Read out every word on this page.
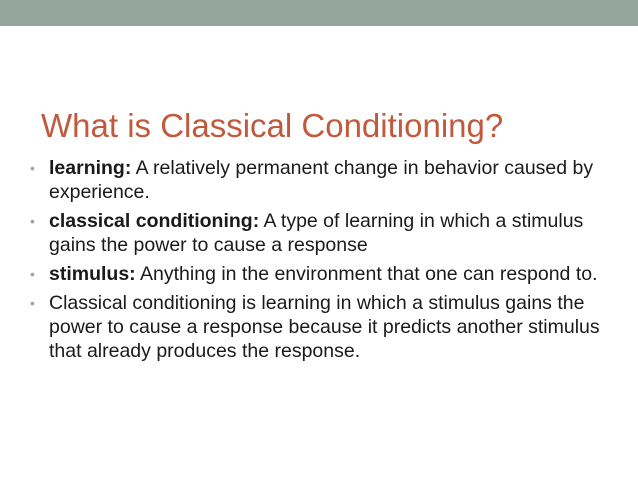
What is Classical Conditioning?
• learning: A relatively permanent change in behavior caused by experience.
• classical conditioning: A type of learning in which a stimulus gains the power to cause a response
• stimulus: Anything in the environment that one can respond to.
• Classical conditioning is learning in which a stimulus gains the power to cause a response because it predicts another stimulus that already produces the response.
